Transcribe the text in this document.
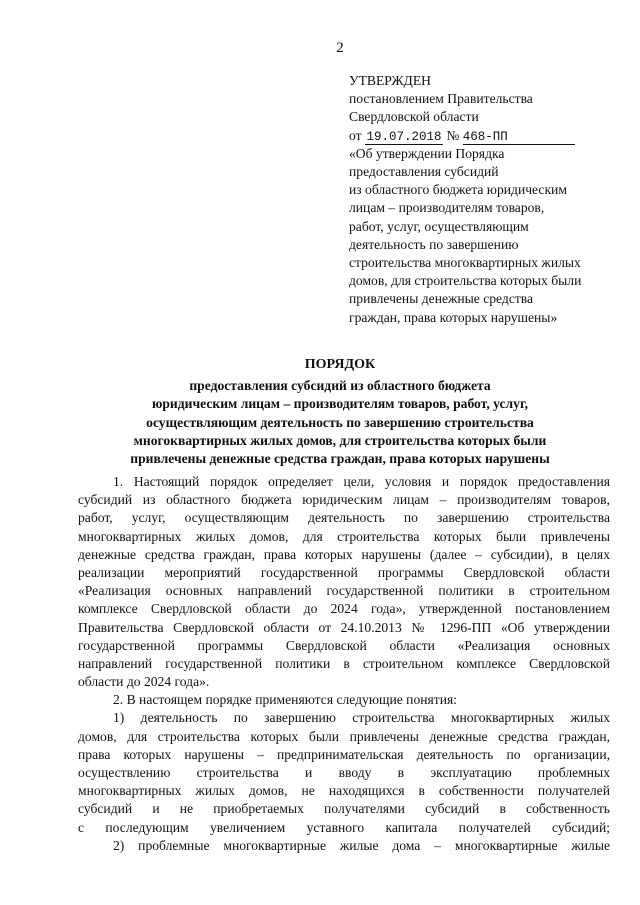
2
УТВЕРЖДЕН
постановлением Правительства
Свердловской области
от 19.07.2018 № 468-ПП
«Об утверждении Порядка
предоставления субсидий
из областного бюджета юридическим
лицам – производителям товаров,
работ, услуг, осуществляющим
деятельность по завершению
строительства многоквартирных жилых
домов, для строительства которых были
привлечены денежные средства
граждан, права которых нарушены»
ПОРЯДОК
предоставления субсидий из областного бюджета
юридическим лицам – производителям товаров, работ, услуг,
осуществляющим деятельность по завершению строительства
многоквартирных жилых домов, для строительства которых были
привлечены денежные средства граждан, права которых нарушены
1. Настоящий порядок определяет цели, условия и порядок предоставления
субсидий из областного бюджета юридическим лицам – производителям товаров,
работ, услуг, осуществляющим деятельность по завершению строительства
многоквартирных жилых домов, для строительства которых были привлечены
денежные средства граждан, права которых нарушены (далее – субсидии), в целях
реализации мероприятий государственной программы Свердловской области
«Реализация основных направлений государственной политики в строительном
комплексе Свердловской области до 2024 года», утвержденной постановлением
Правительства Свердловской области от 24.10.2013 № 1296-ПП «Об утверждении
государственной программы Свердловской области «Реализация основных
направлений государственной политики в строительном комплексе Свердловской
области до 2024 года».
2. В настоящем порядке применяются следующие понятия:
1) деятельность по завершению строительства многоквартирных жилых
домов, для строительства которых были привлечены денежные средства граждан,
права которых нарушены – предпринимательская деятельность по организации,
осуществлению строительства и вводу в эксплуатацию проблемных
многоквартирных жилых домов, не находящихся в собственности получателей
субсидий и не приобретаемых получателями субсидий в собственность
с последующим увеличением уставного капитала получателей субсидий;
2) проблемные многоквартирные жилые дома – многоквартирные жилые
